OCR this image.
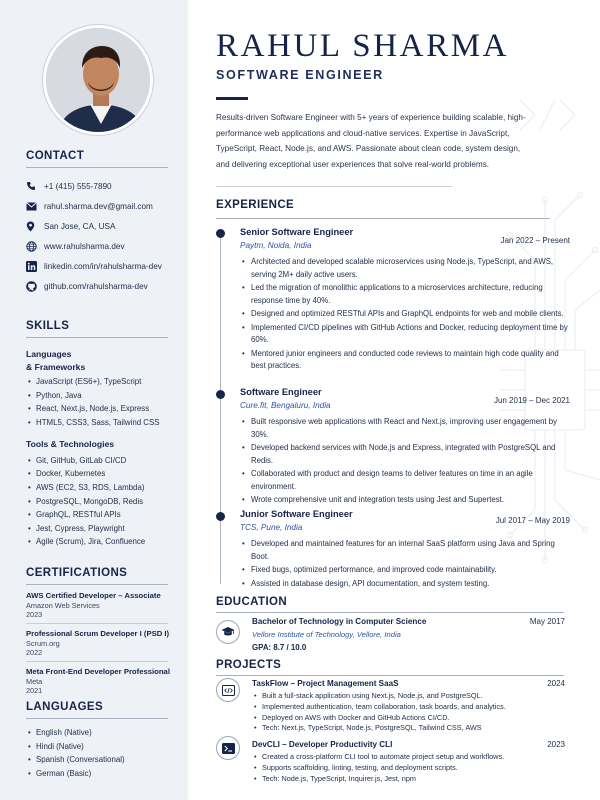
CONTACT
+1 (415) 555-7890
rahul.sharma.dev@gmail.com
San Jose, CA, USA
www.rahulsharma.dev
linkedin.com/in/rahulsharma-dev
github.com/rahulsharma-dev
SKILLS
Languages
& Frameworks
• JavaScript (ES6+), TypeScript
• Python, Java
• React, Next.js, Node.js, Express
• HTML5, CSS3, Sass, Tailwind CSS
Tools & Technologies
• Git, GitHub, GitLab CI/CD
• Docker, Kubernetes
• AWS (EC2, S3, RDS, Lambda)
• PostgreSQL, MongoDB, Redis
• GraphQL, RESTful APIs
• Jest, Cypress, Playwright
• Agile (Scrum), Jira, Confluence
CERTIFICATIONS
AWS Certified Developer – Associate
Amazon Web Services
2023
Professional Scrum Developer I (PSD I)
Scrum.org
2022
Meta Front-End Developer Professional
Meta
2021
LANGUAGES
• English (Native)
• Hindi (Native)
• Spanish (Conversational)
• German (Basic)
RAHUL SHARMA
SOFTWARE ENGINEER
Results-driven Software Engineer with 5+ years of experience building scalable, high-performance web applications and cloud-native services. Expertise in JavaScript, TypeScript, React, Node.js, and AWS. Passionate about clean code, system design, and delivering exceptional user experiences that solve real-world problems.
EXPERIENCE
Senior Software Engineer
Paytm, Noida, India
Jan 2022 – Present
• Architected and developed scalable microservices using Node.js, TypeScript, and AWS, serving 2M+ daily active users.
• Led the migration of monolithic applications to a microservices architecture, reducing response time by 40%.
• Designed and optimized RESTful APIs and GraphQL endpoints for web and mobile clients.
• Implemented CI/CD pipelines with GitHub Actions and Docker, reducing deployment time by 60%.
• Mentored junior engineers and conducted code reviews to maintain high code quality and best practices.
Software Engineer
Cure.fit, Bengaluru, India
Jun 2019 – Dec 2021
• Built responsive web applications with React and Next.js, improving user engagement by 30%.
• Developed backend services with Node.js and Express, integrated with PostgreSQL and Redis.
• Collaborated with product and design teams to deliver features on time in an agile environment.
• Wrote comprehensive unit and integration tests using Jest and Supertest.
Junior Software Engineer
TCS, Pune, India
Jul 2017 – May 2019
• Developed and maintained features for an internal SaaS platform using Java and Spring Boot.
• Fixed bugs, optimized performance, and improved code maintainability.
• Assisted in database design, API documentation, and system testing.
EDUCATION
Bachelor of Technology in Computer Science
Vellore Institute of Technology, Vellore, India
GPA: 8.7 / 10.0
May 2017
PROJECTS
TaskFlow – Project Management SaaS	2024
• Built a full-stack application using Next.js, Node.js, and PostgreSQL.
• Implemented authentication, team collaboration, task boards, and analytics.
• Deployed on AWS with Docker and GitHub Actions CI/CD.
• Tech: Next.js, TypeScript, Node.js, PostgreSQL, Tailwind CSS, AWS
DevCLI – Developer Productivity CLI	2023
• Created a cross-platform CLI tool to automate project setup and workflows.
• Supports scaffolding, linting, testing, and deployment scripts.
• Tech: Node.js, TypeScript, Inquirer.js, Jest, npm
